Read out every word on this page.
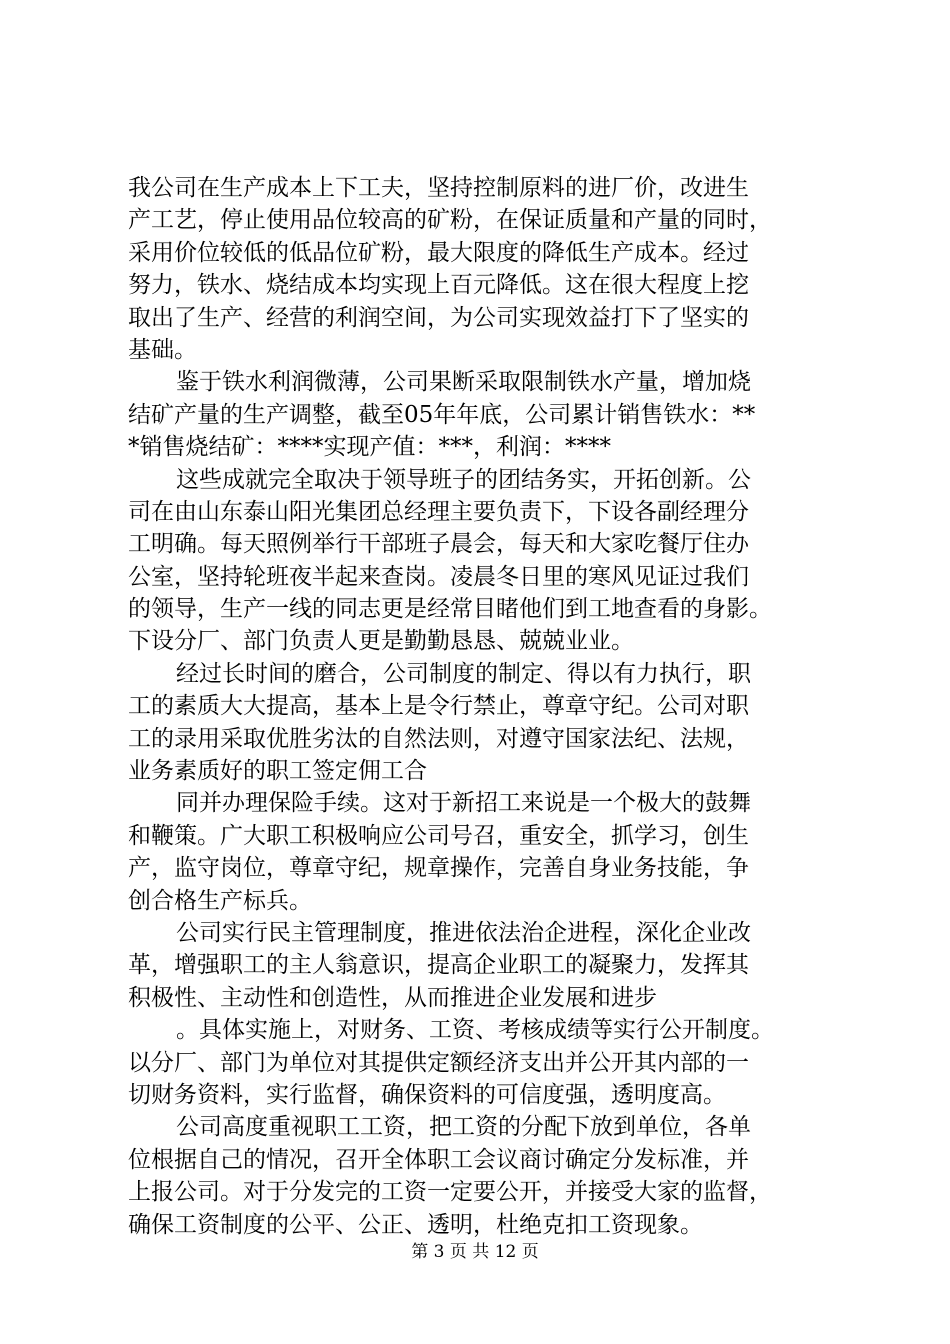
我公司在生产成本上下工夫，坚持控制原料的进厂价，改进生
产工艺，停止使用品位较高的矿粉，在保证质量和产量的同时，
采用价位较低的低品位矿粉，最大限度的降低生产成本。经过
努力，铁水、烧结成本均实现上百元降低。这在很大程度上挖
取出了生产、经营的利润空间，为公司实现效益打下了坚实的
基础。
鉴于铁水利润微薄，公司果断采取限制铁水产量，增加烧
结矿产量的生产调整，截至05年年底，公司累计销售铁水：**
*销售烧结矿：****实现产值：***，利润：****
这些成就完全取决于领导班子的团结务实，开拓创新。公
司在由山东泰山阳光集团总经理主要负责下，下设各副经理分
工明确。每天照例举行干部班子晨会，每天和大家吃餐厅住办
公室，坚持轮班夜半起来查岗。凌晨冬日里的寒风见证过我们
的领导，生产一线的同志更是经常目睹他们到工地查看的身影。
下设分厂、部门负责人更是勤勤恳恳、兢兢业业。
经过长时间的磨合，公司制度的制定、得以有力执行，职
工的素质大大提高，基本上是令行禁止，尊章守纪。公司对职
工的录用采取优胜劣汰的自然法则，对遵守国家法纪、法规，
业务素质好的职工签定佣工合
同并办理保险手续。这对于新招工来说是一个极大的鼓舞
和鞭策。广大职工积极响应公司号召，重安全，抓学习，创生
产，监守岗位，尊章守纪，规章操作，完善自身业务技能，争
创合格生产标兵。
公司实行民主管理制度，推进依法治企进程，深化企业改
革，增强职工的主人翁意识，提高企业职工的凝聚力，发挥其
积极性、主动性和创造性，从而推进企业发展和进步
。具体实施上，对财务、工资、考核成绩等实行公开制度。
以分厂、部门为单位对其提供定额经济支出并公开其内部的一
切财务资料，实行监督，确保资料的可信度强，透明度高。
公司高度重视职工工资，把工资的分配下放到单位，各单
位根据自己的情况，召开全体职工会议商讨确定分发标准，并
上报公司。对于分发完的工资一定要公开，并接受大家的监督，
确保工资制度的公平、公正、透明，杜绝克扣工资现象。
第 3 页 共 12 页
